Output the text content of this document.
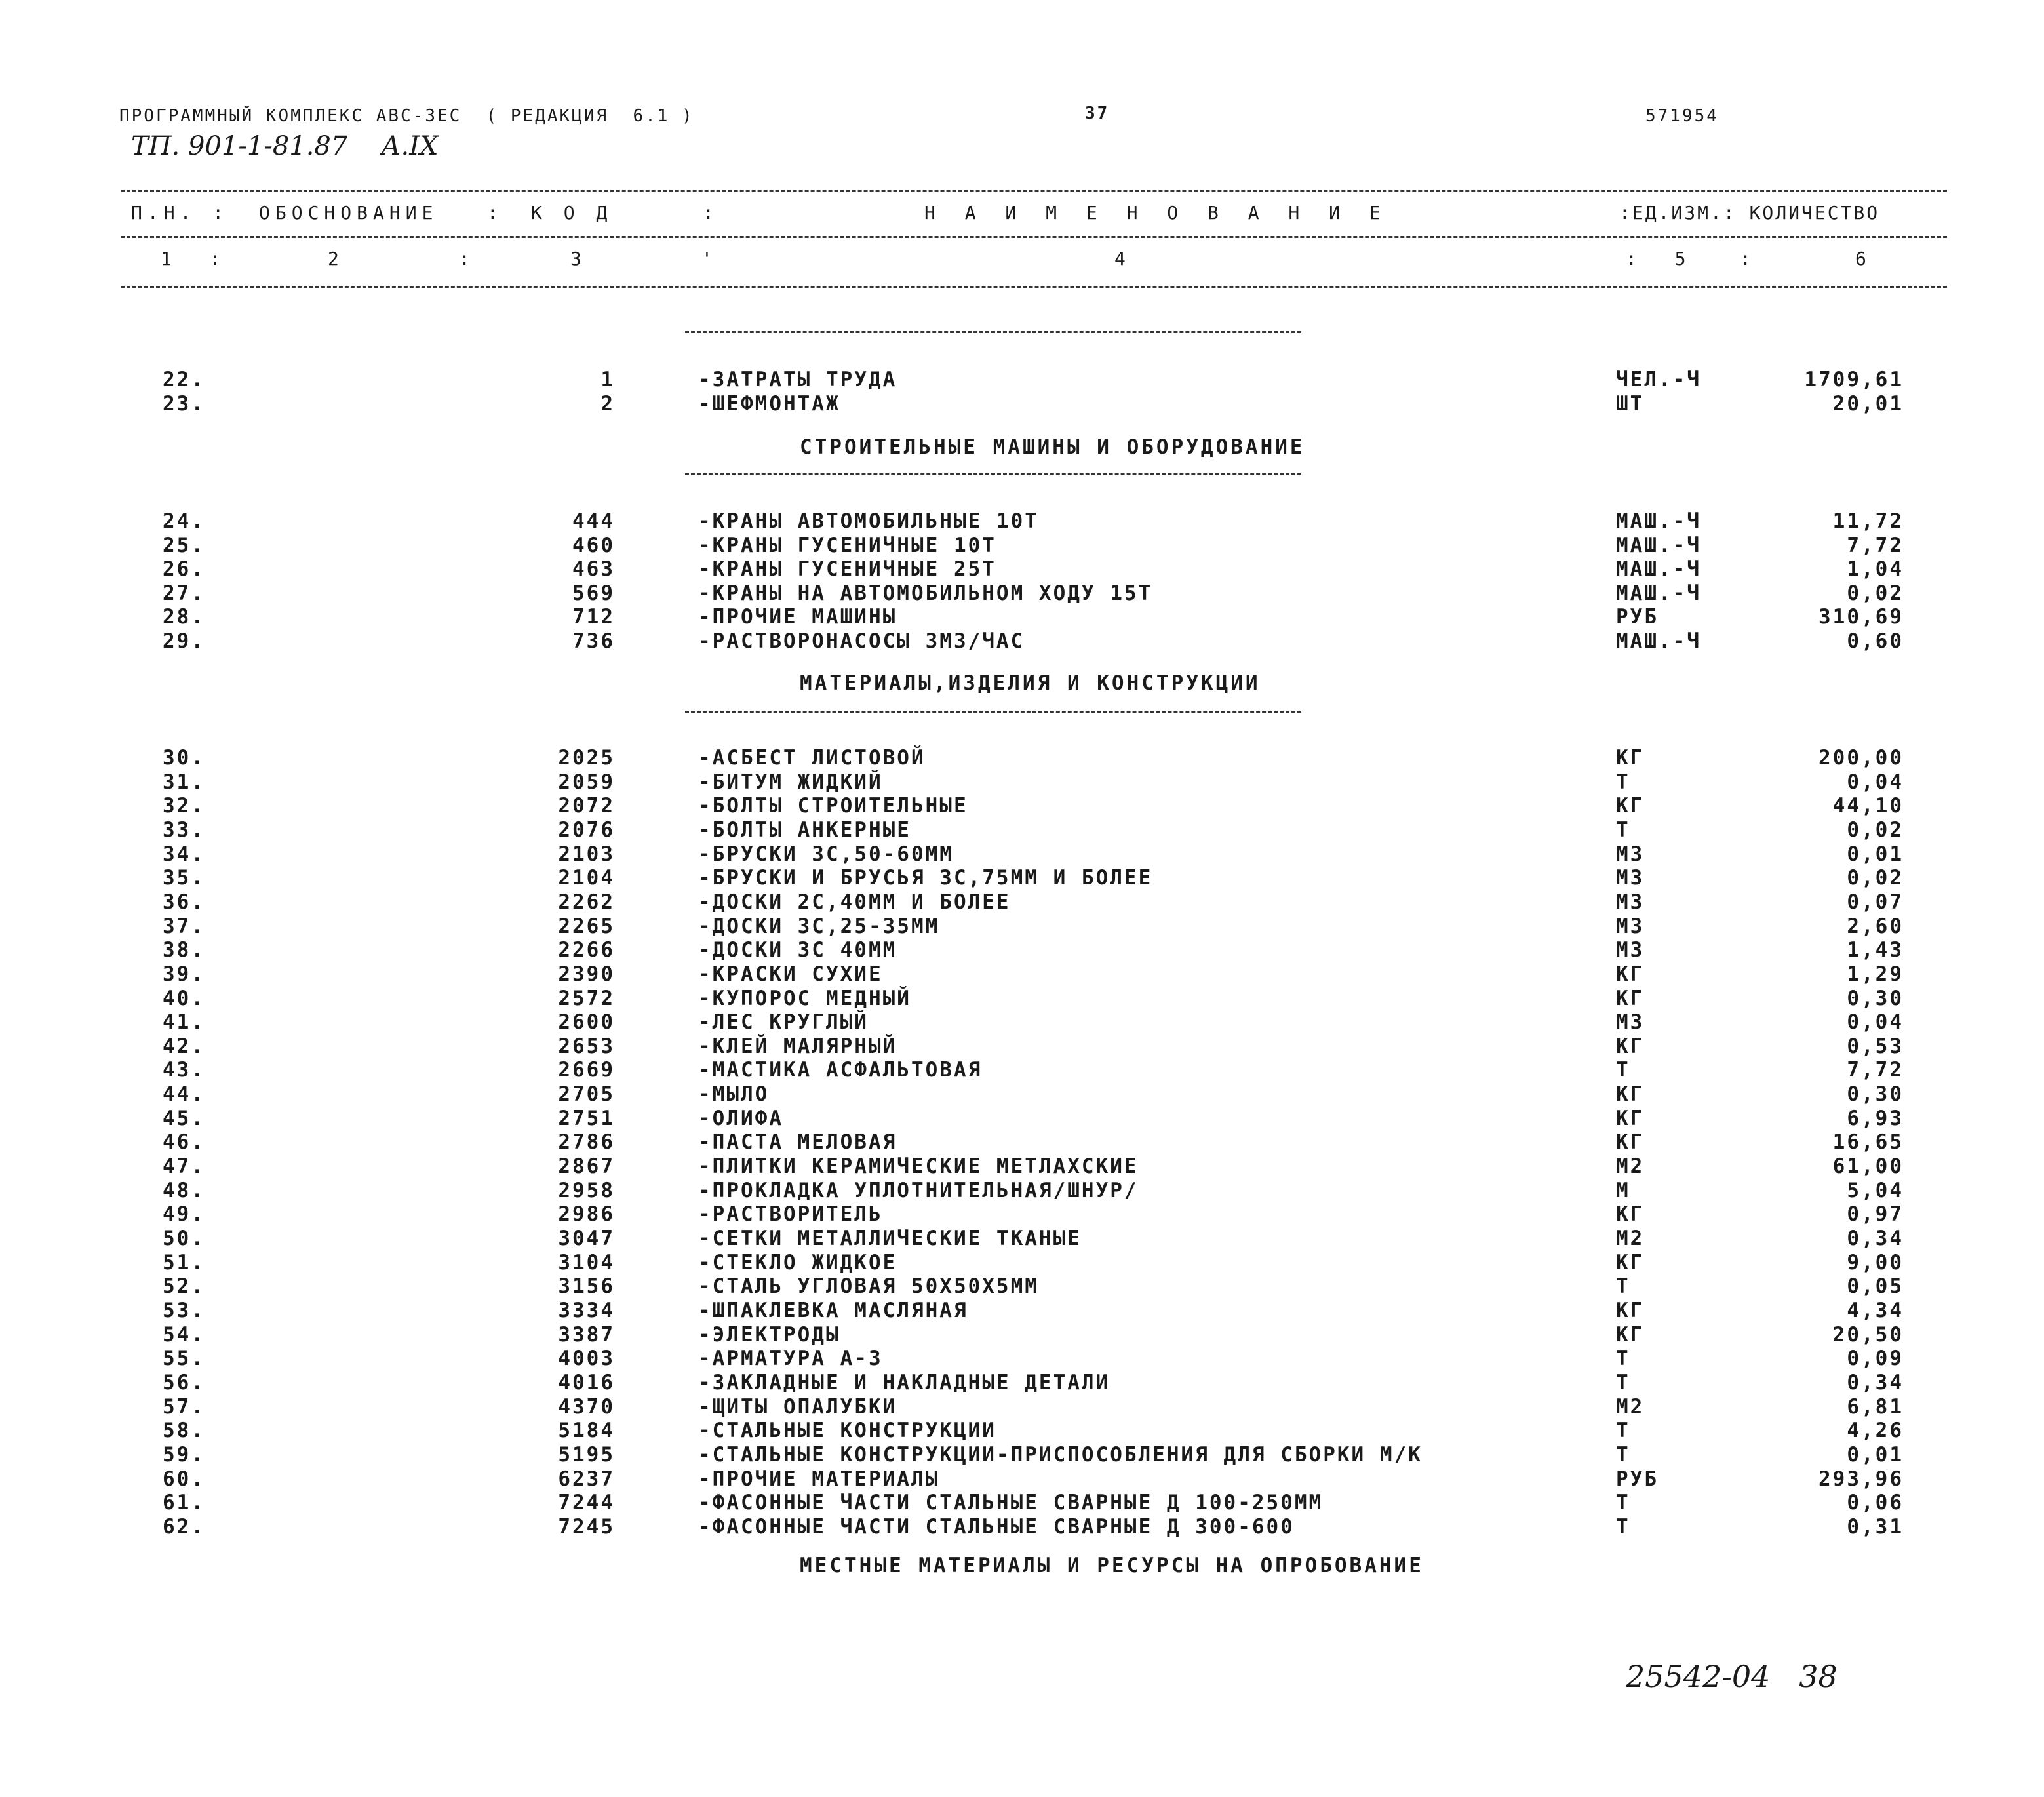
ПРОГРАММНЫЙ КОМПЛЕКС АВС-3ЕС  ( РЕДАКЦИЯ  6.1 )	37	571954
ТП. 901-1-81.87    А.IX
П.Н. : ОБОСНОВАНИЕ   : К О Д	:	Н А И М Е Н О В А Н И Е	:ЕД.ИЗМ.: КОЛИЧЕСТВО
1  :	2	:	3	'	4	:  5   :	6
22.	1	-ЗАТРАТЫ ТРУДА	ЧЕЛ.-Ч	1709,61
23.	2	-ШЕФМОНТАЖ	ШТ	20,01
СТРОИТЕЛЬНЫЕ МАШИНЫ И ОБОРУДОВАНИЕ
24.	444	-КРАНЫ АВТОМОБИЛЬНЫЕ 10Т	МАШ.-Ч	11,72
25.	460	-КРАНЫ ГУСЕНИЧНЫЕ 10Т	МАШ.-Ч	7,72
26.	463	-КРАНЫ ГУСЕНИЧНЫЕ 25Т	МАШ.-Ч	1,04
27.	569	-КРАНЫ НА АВТОМОБИЛЬНОМ ХОДУ 15Т	МАШ.-Ч	0,02
28.	712	-ПРОЧИЕ МАШИНЫ	РУБ	310,69
29.	736	-РАСТВОРОНАСОСЫ 3М3/ЧАС	МАШ.-Ч	0,60
МАТЕРИАЛЫ,ИЗДЕЛИЯ И КОНСТРУКЦИИ
30.	2025	-АСБЕСТ ЛИСТОВОЙ	КГ	200,00
31.	2059	-БИТУМ ЖИДКИЙ	Т	0,04
32.	2072	-БОЛТЫ СТРОИТЕЛЬНЫЕ	КГ	44,10
33.	2076	-БОЛТЫ АНКЕРНЫЕ	Т	0,02
34.	2103	-БРУСКИ 3С,50-60ММ	М3	0,01
35.	2104	-БРУСКИ И БРУСЬЯ 3С,75ММ И БОЛЕЕ	М3	0,02
36.	2262	-ДОСКИ 2С,40ММ И БОЛЕЕ	М3	0,07
37.	2265	-ДОСКИ 3С,25-35ММ	М3	2,60
38.	2266	-ДОСКИ 3С 40ММ	М3	1,43
39.	2390	-КРАСКИ СУХИЕ	КГ	1,29
40.	2572	-КУПОРОС МЕДНЫЙ	КГ	0,30
41.	2600	-ЛЕС КРУГЛЫЙ	М3	0,04
42.	2653	-КЛЕЙ МАЛЯРНЫЙ	КГ	0,53
43.	2669	-МАСТИКА АСФАЛЬТОВАЯ	Т	7,72
44.	2705	-МЫЛО	КГ	0,30
45.	2751	-ОЛИФА	КГ	6,93
46.	2786	-ПАСТА МЕЛОВАЯ	КГ	16,65
47.	2867	-ПЛИТКИ КЕРАМИЧЕСКИЕ МЕТЛАХСКИЕ	М2	61,00
48.	2958	-ПРОКЛАДКА УПЛОТНИТЕЛЬНАЯ/ШНУР/	М	5,04
49.	2986	-РАСТВОРИТЕЛЬ	КГ	0,97
50.	3047	-СЕТКИ МЕТАЛЛИЧЕСКИЕ ТКАНЫЕ	М2	0,34
51.	3104	-СТЕКЛО ЖИДКОЕ	КГ	9,00
52.	3156	-СТАЛЬ УГЛОВАЯ 50Х50Х5ММ	Т	0,05
53.	3334	-ШПАКЛЕВКА МАСЛЯНАЯ	КГ	4,34
54.	3387	-ЭЛЕКТРОДЫ	КГ	20,50
55.	4003	-АРМАТУРА А-3	Т	0,09
56.	4016	-ЗАКЛАДНЫЕ И НАКЛАДНЫЕ ДЕТАЛИ	Т	0,34
57.	4370	-ЩИТЫ ОПАЛУБКИ	М2	6,81
58.	5184	-СТАЛЬНЫЕ КОНСТРУКЦИИ	Т	4,26
59.	5195	-СТАЛЬНЫЕ КОНСТРУКЦИИ-ПРИСПОСОБЛЕНИЯ ДЛЯ СБОРКИ М/К	Т	0,01
60.	6237	-ПРОЧИЕ МАТЕРИАЛЫ	РУБ	293,96
61.	7244	-ФАСОННЫЕ ЧАСТИ СТАЛЬНЫЕ СВАРНЫЕ Д 100-250ММ	Т	0,06
62.	7245	-ФАСОННЫЕ ЧАСТИ СТАЛЬНЫЕ СВАРНЫЕ Д 300-600	Т	0,31
МЕСТНЫЕ МАТЕРИАЛЫ И РЕСУРСЫ НА ОПРОБОВАНИЕ
25542-04   38
